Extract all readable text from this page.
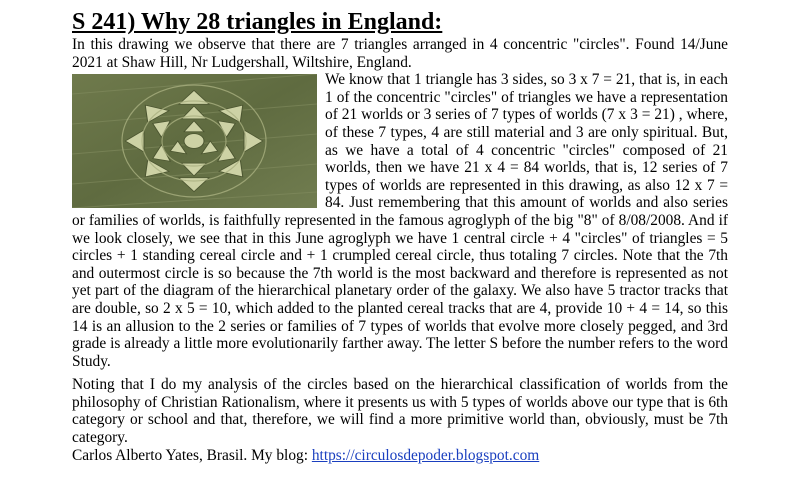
S 241) Why 28 triangles in England:

In this drawing we observe that there are 7 triangles arranged in 4 concentric "circles". Found 14/June 2021 at Shaw Hill, Nr Ludgershall, Wiltshire, England.

We know that 1 triangle has 3 sides, so 3 x 7 = 21, that is, in each 1 of the concentric "circles" of triangles we have a representation of 21 worlds or 3 series of 7 types of worlds (7 x 3 = 21) , where, of these 7 types, 4 are still material and 3 are only spiritual. But, as we have a total of 4 concentric "circles" composed of 21 worlds, then we have 21 x 4 = 84 worlds, that is, 12 series of 7 types of worlds are represented in this drawing, as also 12 x 7 = 84. Just remembering that this amount of worlds and also series or families of worlds, is faithfully represented in the famous agroglyph of the big "8" of 8/08/2008. And if we look closely, we see that in this June agroglyph we have 1 central circle + 4 "circles" of triangles = 5 circles + 1 standing cereal circle and + 1 crumpled cereal circle, thus totaling 7 circles. Note that the 7th and outermost circle is so because the 7th world is the most backward and therefore is represented as not yet part of the diagram of the hierarchical planetary order of the galaxy. We also have 5 tractor tracks that are double, so 2 x 5 = 10, which added to the planted cereal tracks that are 4, provide 10 + 4 = 14, so this 14 is an allusion to the 2 series or families of 7 types of worlds that evolve more closely pegged, and 3rd grade is already a little more evolutionarily farther away. The letter S before the number refers to the word Study.

Noting that I do my analysis of the circles based on the hierarchical classification of worlds from the philosophy of Christian Rationalism, where it presents us with 5 types of worlds above our type that is 6th category or school and that, therefore, we will find a more primitive world than, obviously, must be 7th category.

Carlos Alberto Yates, Brasil. My blog: https://circulosdepoder.blogspot.com
